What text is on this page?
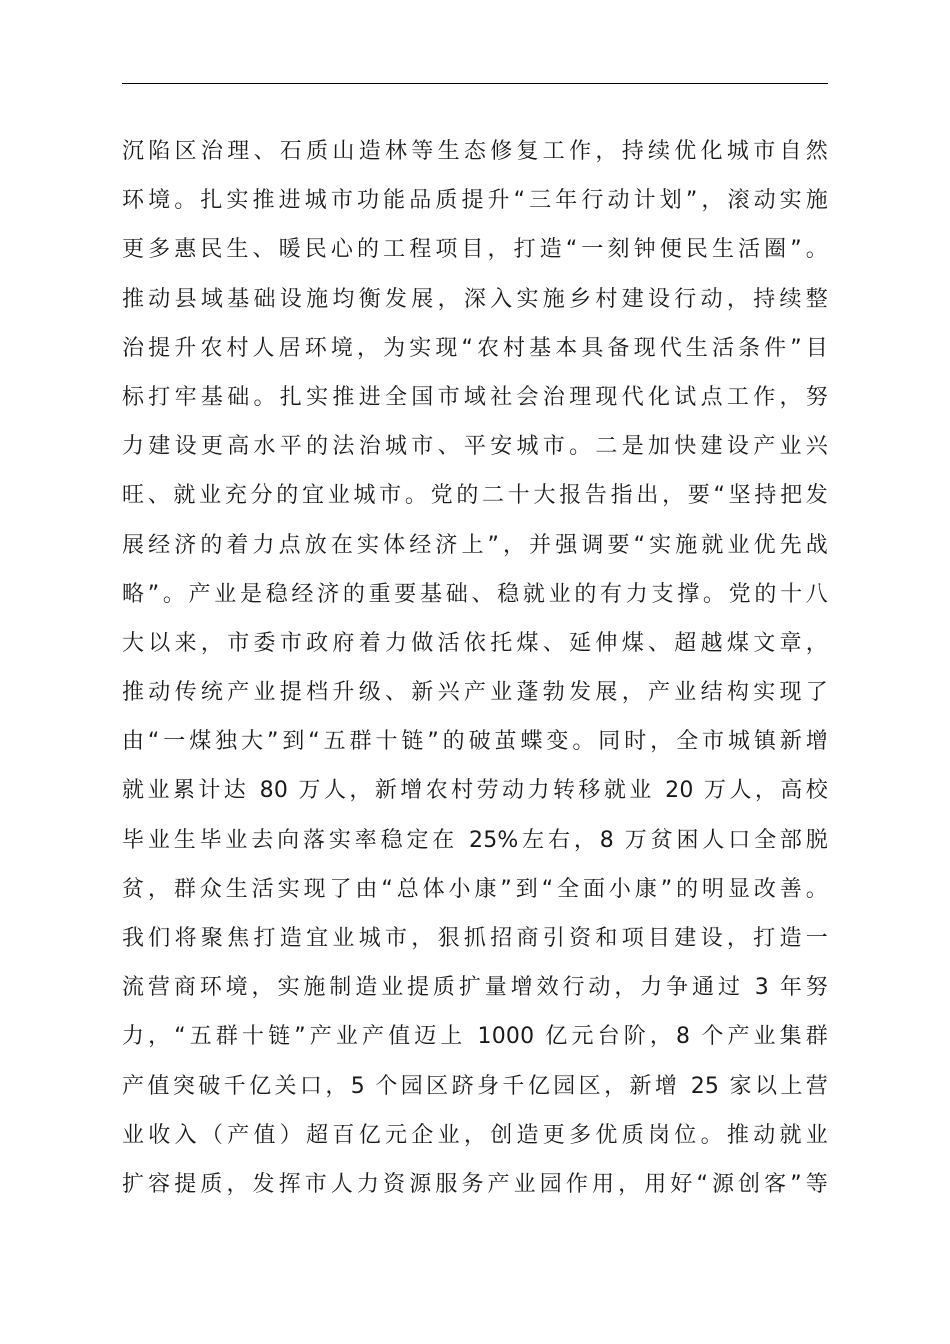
沉陷区治理、石质山造林等生态修复工作，持续优化城市自然
环境。扎实推进城市功能品质提升“三年行动计划”，滚动实施
更多惠民生、暖民心的工程项目，打造“一刻钟便民生活圈”。
推动县域基础设施均衡发展，深入实施乡村建设行动，持续整
治提升农村人居环境，为实现“农村基本具备现代生活条件”目
标打牢基础。扎实推进全国市域社会治理现代化试点工作，努
力建设更高水平的法治城市、平安城市。二是加快建设产业兴
旺、就业充分的宜业城市。党的二十大报告指出，要“坚持把发
展经济的着力点放在实体经济上”，并强调要“实施就业优先战
略”。产业是稳经济的重要基础、稳就业的有力支撑。党的十八
大以来，市委市政府着力做活依托煤、延伸煤、超越煤文章，
推动传统产业提档升级、新兴产业蓬勃发展，产业结构实现了
由“一煤独大”到“五群十链”的破茧蝶变。同时，全市城镇新增
就业累计达 80 万人，新增农村劳动力转移就业 20 万人，高校
毕业生毕业去向落实率稳定在 25%左右，8 万贫困人口全部脱
贫，群众生活实现了由“总体小康”到“全面小康”的明显改善。
我们将聚焦打造宜业城市，狠抓招商引资和项目建设，打造一
流营商环境，实施制造业提质扩量增效行动，力争通过 3 年努
力，“五群十链”产业产值迈上 1000 亿元台阶，8 个产业集群
产值突破千亿关口，5 个园区跻身千亿园区，新增 25 家以上营
业收入（产值）超百亿元企业，创造更多优质岗位。推动就业
扩容提质，发挥市人力资源服务产业园作用，用好“源创客”等
